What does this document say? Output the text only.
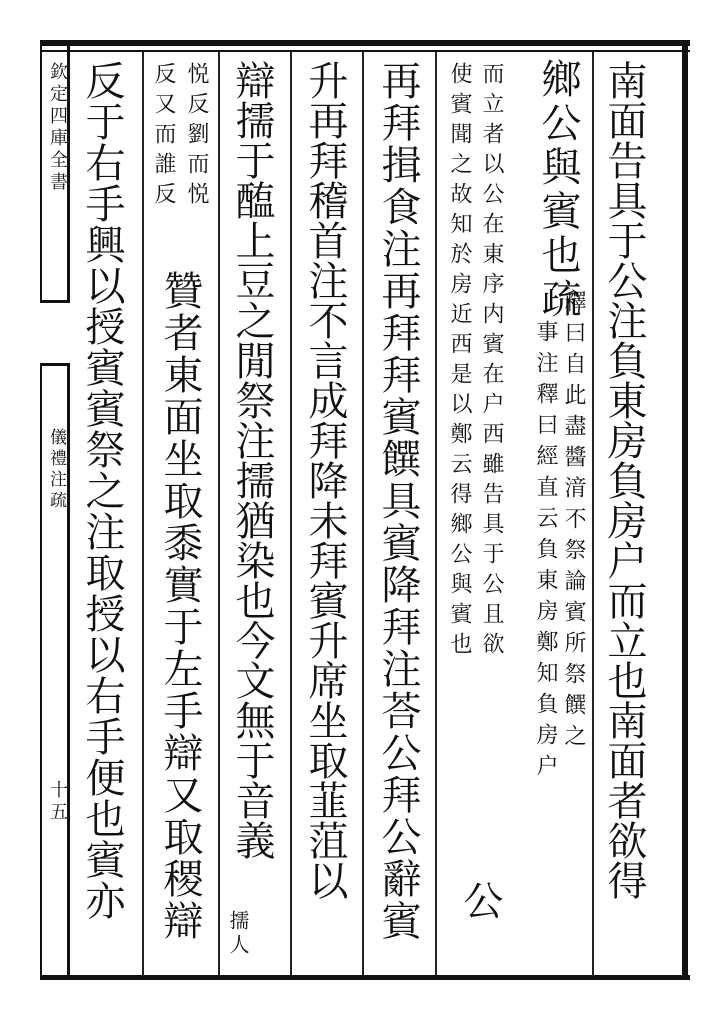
欽定四庫全書
儀禮注疏
十五	南面告具于公注負東房負房户而立也南面者欲得
釋曰自此盡醬湇不祭論賓所祭饌之
事注釋曰經直云負東房鄭知負房户
鄉公與賓也疏
而立者以公在東序内賓在户西雖告具于公且欲
使賓聞之故知於房近西是以鄭云得鄉公與賓也
公
再拜揖食注再拜拜賓饌具賓降拜注荅公拜公辭賓
升再拜稽首注不言成拜降未拜賓升席坐取韮菹以
辯擩于醢上豆之閒祭注擩猶染也今文無于音義
擩人
悦反劉而悦
反又而誰反
贊者東面坐取黍實于左手辯又取稷辯
反于右手興以授賓賓祭之注取授以右手便也賓亦
